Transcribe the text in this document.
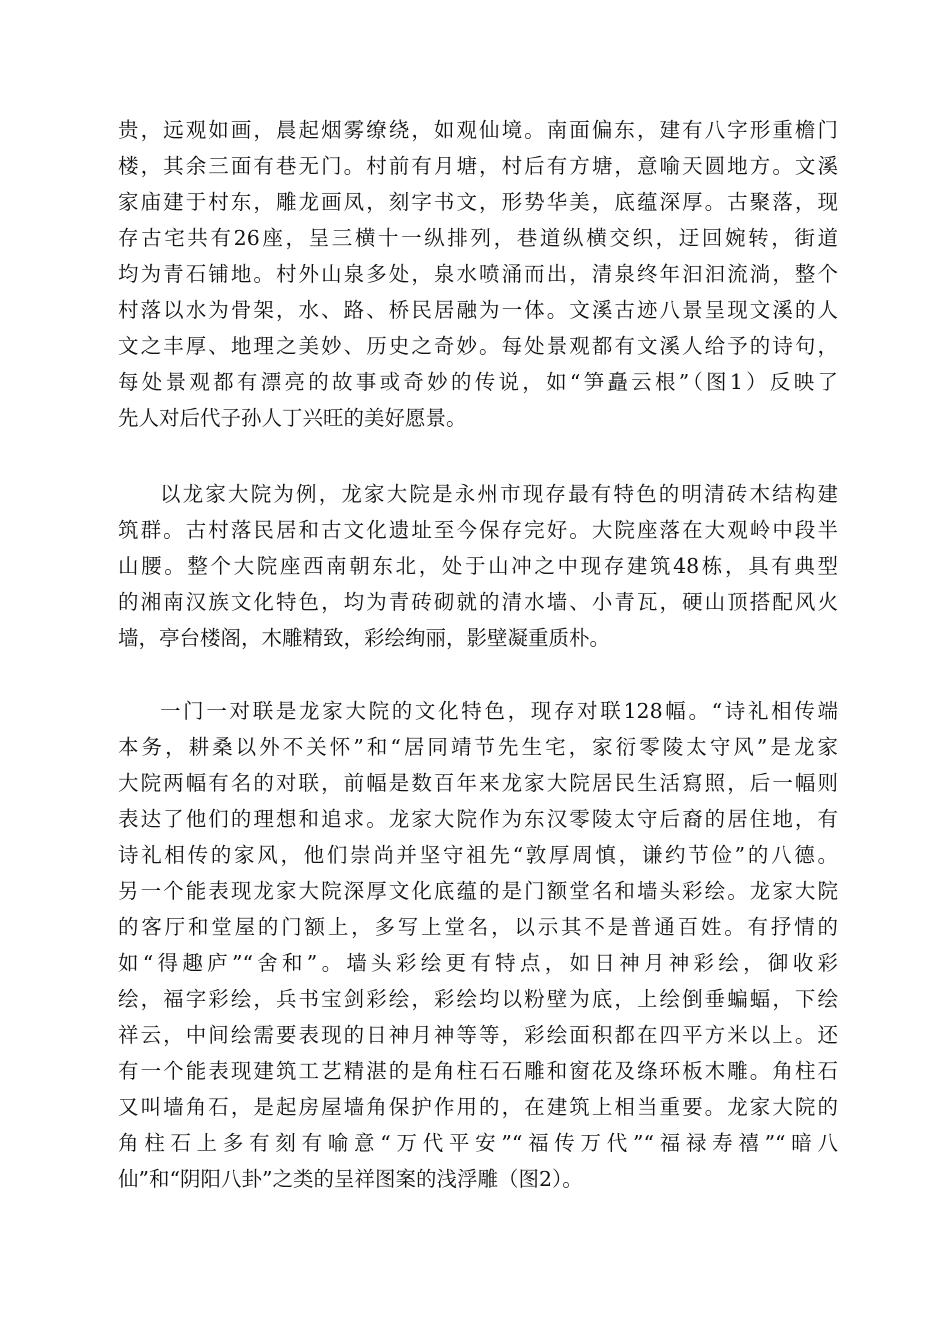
贵，远观如画，晨起烟雾缭绕，如观仙境。南面偏东，建有八字形重檐门
楼，其余三面有巷无门。村前有月塘，村后有方塘，意喻天圆地方。文溪
家庙建于村东，雕龙画凤，刻字书文，形势华美，底蕴深厚。古聚落，现
存古宅共有26座，呈三横十一纵排列，巷道纵横交织，迂回婉转，街道
均为青石铺地。村外山泉多处，泉水喷涌而出，清泉终年汩汩流淌，整个
村落以水为骨架，水、路、桥民居融为一体。文溪古迹八景呈现文溪的人
文之丰厚、地理之美妙、历史之奇妙。每处景观都有文溪人给予的诗句，
每处景观都有漂亮的故事或奇妙的传说，如“笋矗云根”（图1）反映了
先人对后代子孙人丁兴旺的美好愿景。
以龙家大院为例，龙家大院是永州市现存最有特色的明清砖木结构建
筑群。古村落民居和古文化遗址至今保存完好。大院座落在大观岭中段半
山腰。整个大院座西南朝东北，处于山冲之中现存建筑48栋，具有典型
的湘南汉族文化特色，均为青砖砌就的清水墙、小青瓦，硬山顶搭配风火
墙，亭台楼阁，木雕精致，彩绘绚丽，影壁凝重质朴。
一门一对联是龙家大院的文化特色，现存对联128幅。“诗礼相传端
本务，耕桑以外不关怀”和“居同靖节先生宅，家衍零陵太守风”是龙家
大院两幅有名的对联，前幅是数百年来龙家大院居民生活寫照，后一幅则
表达了他们的理想和追求。龙家大院作为东汉零陵太守后裔的居住地，有
诗礼相传的家风，他们崇尚并坚守祖先“敦厚周慎，谦约节俭”的八德。
另一个能表现龙家大院深厚文化底蕴的是门额堂名和墙头彩绘。龙家大院
的客厅和堂屋的门额上，多写上堂名，以示其不是普通百姓。有抒情的
如“得趣庐”“舍和”。墙头彩绘更有特点，如日神月神彩绘，御收彩
绘，福字彩绘，兵书宝剑彩绘，彩绘均以粉壁为底，上绘倒垂蝙蝠，下绘
祥云，中间绘需要表现的日神月神等等，彩绘面积都在四平方米以上。还
有一个能表现建筑工艺精湛的是角柱石石雕和窗花及绦环板木雕。角柱石
又叫墙角石，是起房屋墙角保护作用的，在建筑上相当重要。龙家大院的
角柱石上多有刻有喻意“万代平安”“福传万代”“福禄寿禧”“暗八
仙”和“阴阳八卦”之类的呈祥图案的浅浮雕（图2）。
